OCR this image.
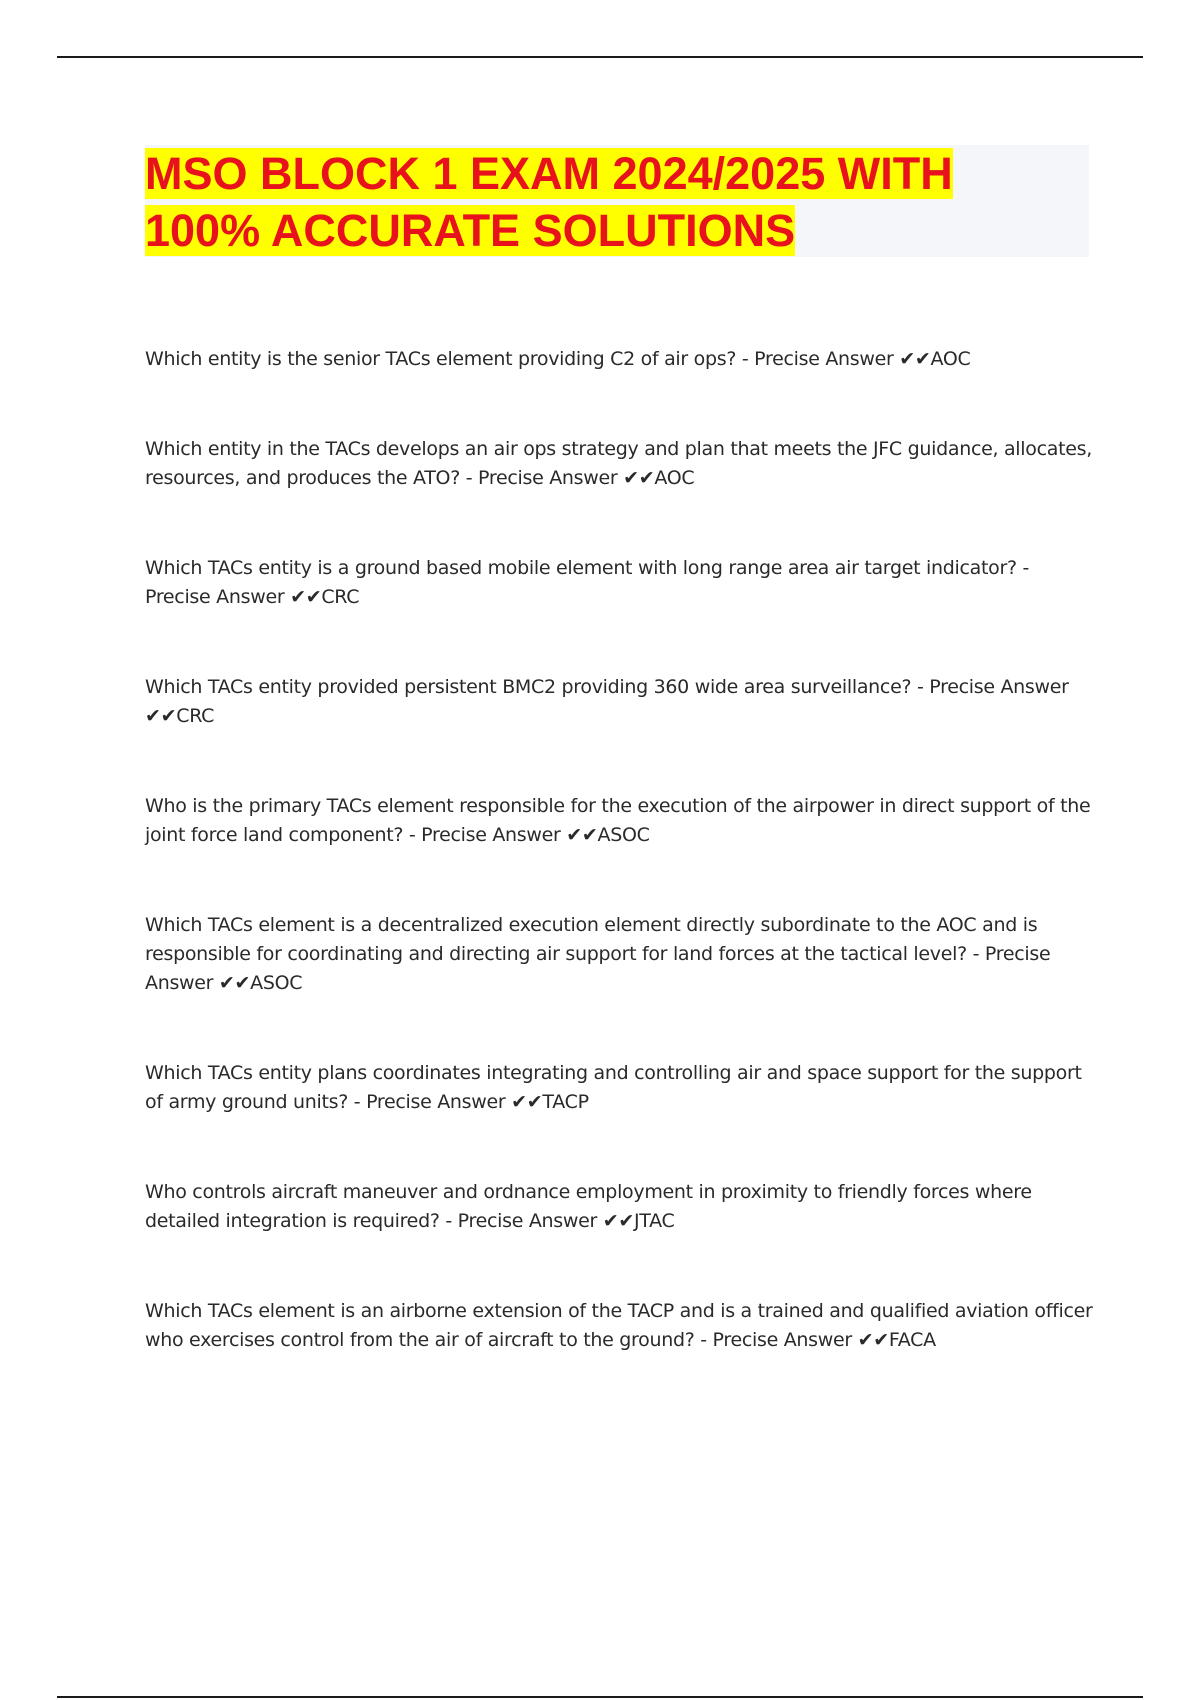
MSO BLOCK 1 EXAM 2024/2025 WITH
100% ACCURATE SOLUTIONS
Which entity is the senior TACs element providing C2 of air ops? - Precise Answer ✔✔AOC
Which entity in the TACs develops an air ops strategy and plan that meets the JFC guidance, allocates, resources, and produces the ATO? - Precise Answer ✔✔AOC
Which TACs entity is a ground based mobile element with long range area air target indicator? - Precise Answer ✔✔CRC
Which TACs entity provided persistent BMC2 providing 360 wide area surveillance? - Precise Answer ✔✔CRC
Who is the primary TACs element responsible for the execution of the airpower in direct support of the joint force land component? - Precise Answer ✔✔ASOC
Which TACs element is a decentralized execution element directly subordinate to the AOC and is responsible for coordinating and directing air support for land forces at the tactical level? - Precise Answer ✔✔ASOC
Which TACs entity plans coordinates integrating and controlling air and space support for the support of army ground units? - Precise Answer ✔✔TACP
Who controls aircraft maneuver and ordnance employment in proximity to friendly forces where detailed integration is required? - Precise Answer ✔✔JTAC
Which TACs element is an airborne extension of the TACP and is a trained and qualified aviation officer who exercises control from the air of aircraft to the ground? - Precise Answer ✔✔FACA
